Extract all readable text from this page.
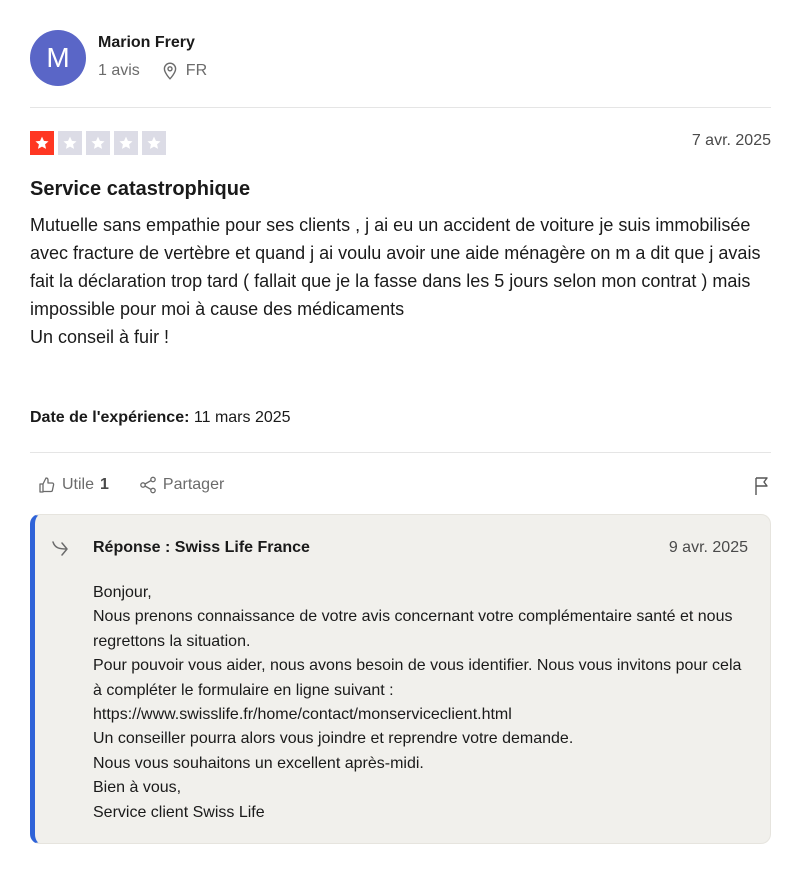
M Marion Frery
1 avis	FR
7 avr. 2025
Service catastrophique
Mutuelle sans empathie pour ses clients , j ai eu un accident de voiture je suis immobilisée avec fracture de vertèbre et quand j ai voulu avoir une aide ménagère on m a dit que j avais fait la déclaration trop tard ( fallait que je la fasse dans les 5 jours selon mon contrat ) mais impossible pour moi à cause des médicaments
Un conseil à fuir !
Date de l'expérience: 11 mars 2025
Utile 1	Partager
Réponse : Swiss Life France	9 avr. 2025
Bonjour,
Nous prenons connaissance de votre avis concernant votre complémentaire santé et nous regrettons la situation.
Pour pouvoir vous aider, nous avons besoin de vous identifier. Nous vous invitons pour cela à compléter le formulaire en ligne suivant :
https://www.swisslife.fr/home/contact/monserviceclient.html
Un conseiller pourra alors vous joindre et reprendre votre demande.
Nous vous souhaitons un excellent après-midi.
Bien à vous,
Service client Swiss Life
